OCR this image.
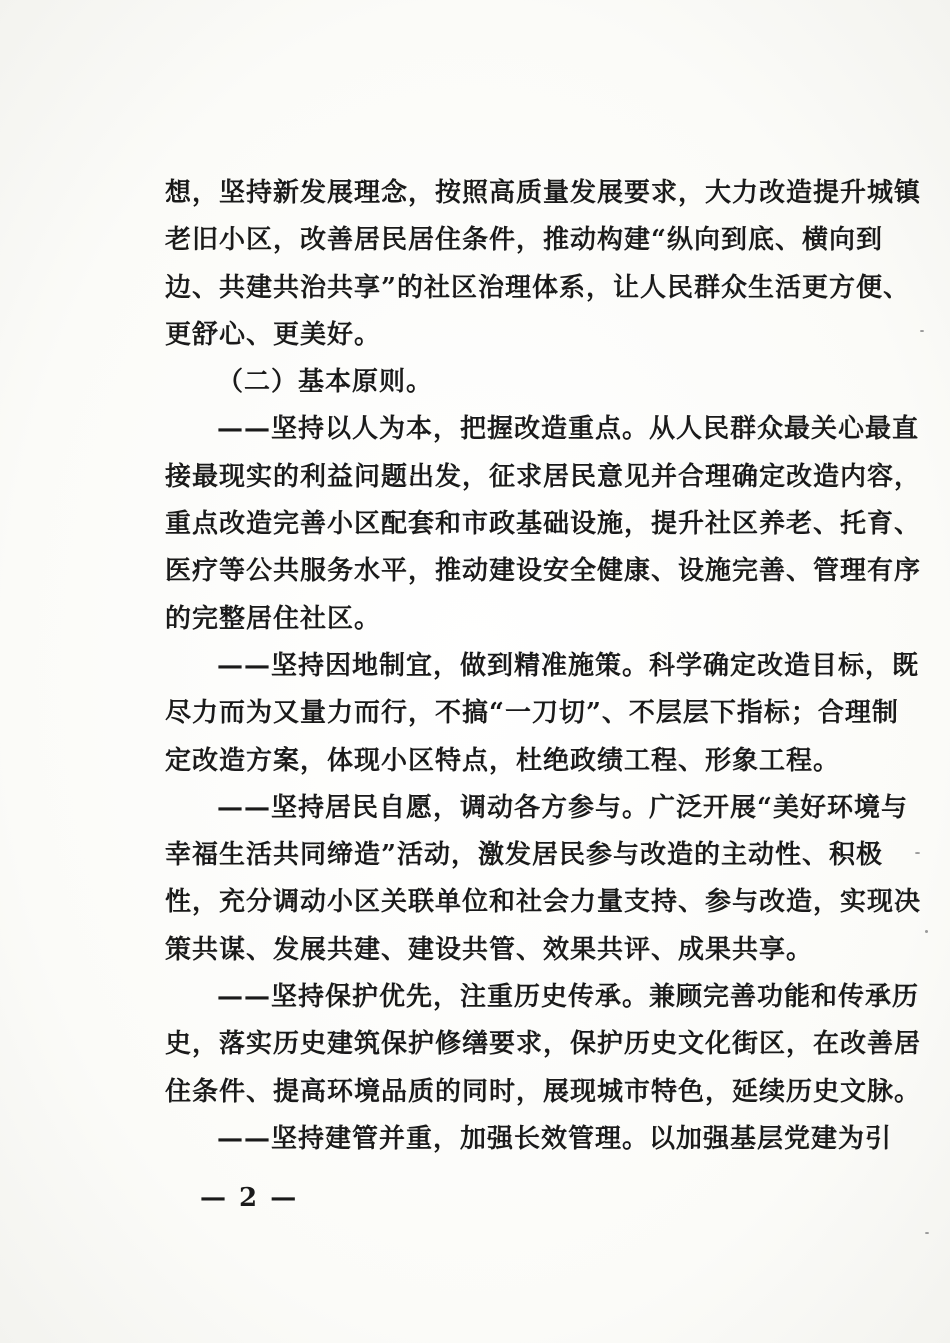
想，坚持新发展理念，按照高质量发展要求，大力改造提升城镇
老旧小区，改善居民居住条件，推动构建“纵向到底、横向到
边、共建共治共享”的社区治理体系，让人民群众生活更方便、
更舒心、更美好。
（二）基本原则。
——坚持以人为本，把握改造重点。从人民群众最关心最直
接最现实的利益问题出发，征求居民意见并合理确定改造内容，
重点改造完善小区配套和市政基础设施，提升社区养老、托育、
医疗等公共服务水平，推动建设安全健康、设施完善、管理有序
的完整居住社区。
——坚持因地制宜，做到精准施策。科学确定改造目标，既
尽力而为又量力而行，不搞“一刀切”、不层层下指标；合理制
定改造方案，体现小区特点，杜绝政绩工程、形象工程。
——坚持居民自愿，调动各方参与。广泛开展“美好环境与
幸福生活共同缔造”活动，激发居民参与改造的主动性、积极
性，充分调动小区关联单位和社会力量支持、参与改造，实现决
策共谋、发展共建、建设共管、效果共评、成果共享。
——坚持保护优先，注重历史传承。兼顾完善功能和传承历
史，落实历史建筑保护修缮要求，保护历史文化街区，在改善居
住条件、提高环境品质的同时，展现城市特色，延续历史文脉。
——坚持建管并重，加强长效管理。以加强基层党建为引
— 2 —
